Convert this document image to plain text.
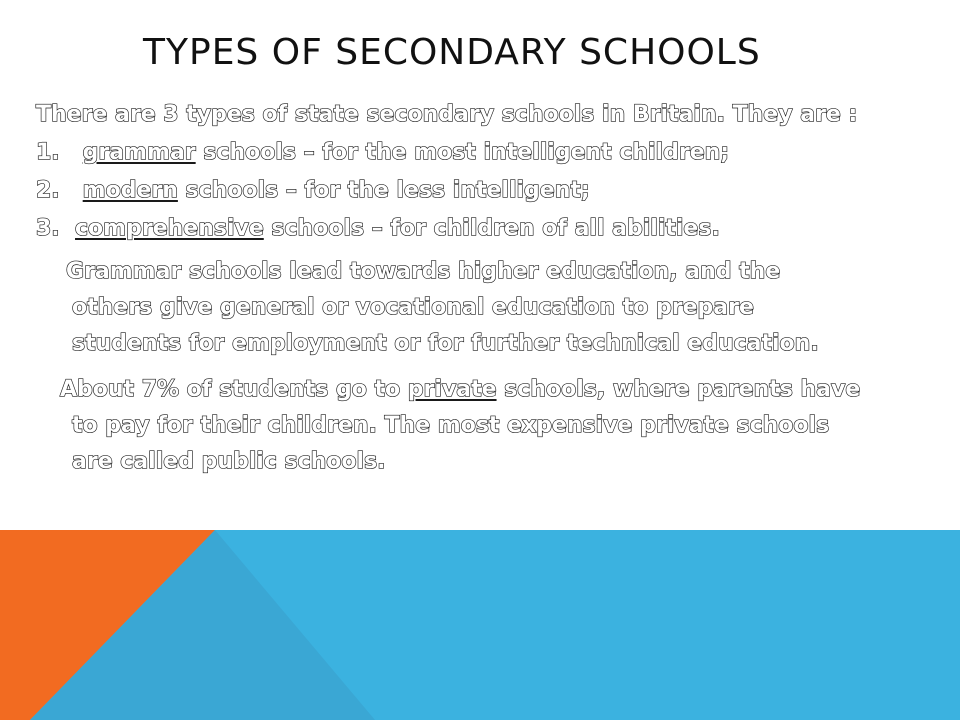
TYPES OF SECONDARY SCHOOLS
There are 3 types of state secondary schools in Britain. They are :
1. grammar schools – for the most intelligent children;
2. modern schools – for the less intelligent;
3. comprehensive schools – for children of all abilities.
Grammar schools lead towards higher education, and the
others give general or vocational education to prepare
students for employment or for further technical education.
About 7% of students go to private schools, where parents have
to pay for their children. The most expensive private schools
are called public schools.
